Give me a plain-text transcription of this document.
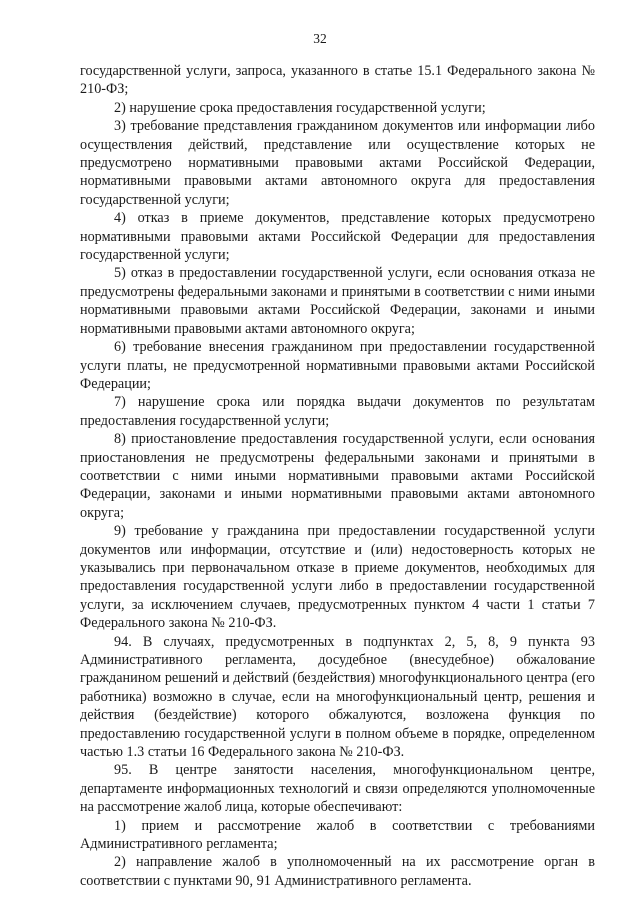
32

государственной услуги, запроса, указанного в статье 15.1 Федерального закона № 210-ФЗ;

2) нарушение срока предоставления государственной услуги;

3) требование представления гражданином документов или информации либо осуществления действий, представление или осуществление которых не предусмотрено нормативными правовыми актами Российской Федерации, нормативными правовыми актами автономного округа для предоставления государственной услуги;

4) отказ в приеме документов, представление которых предусмотрено нормативными правовыми актами Российской Федерации для предоставления государственной услуги;

5) отказ в предоставлении государственной услуги, если основания отказа не предусмотрены федеральными законами и принятыми в соответствии с ними иными нормативными правовыми актами Российской Федерации, законами и иными нормативными правовыми актами автономного округа;

6) требование внесения гражданином при предоставлении государственной услуги платы, не предусмотренной нормативными правовыми актами Российской Федерации;

7) нарушение срока или порядка выдачи документов по результатам предоставления государственной услуги;

8) приостановление предоставления государственной услуги, если основания приостановления не предусмотрены федеральными законами и принятыми в соответствии с ними иными нормативными правовыми актами Российской Федерации, законами и иными нормативными правовыми актами автономного округа;

9) требование у гражданина при предоставлении государственной услуги документов или информации, отсутствие и (или) недостоверность которых не указывались при первоначальном отказе в приеме документов, необходимых для предоставления государственной услуги либо в предоставлении государственной услуги, за исключением случаев, предусмотренных пунктом 4 части 1 статьи 7 Федерального закона № 210-ФЗ.

94. В случаях, предусмотренных в подпунктах 2, 5, 8, 9 пункта 93 Административного регламента, досудебное (внесудебное) обжалование гражданином решений и действий (бездействия) многофункционального центра (его работника) возможно в случае, если на многофункциональный центр, решения и действия (бездействие) которого обжалуются, возложена функция по предоставлению государственной услуги в полном объеме в порядке, определенном частью 1.3 статьи 16 Федерального закона № 210-ФЗ.

95. В центре занятости населения, многофункциональном центре, департаменте информационных технологий и связи определяются уполномоченные на рассмотрение жалоб лица, которые обеспечивают:

1) прием и рассмотрение жалоб в соответствии с требованиями Административного регламента;

2) направление жалоб в уполномоченный на их рассмотрение орган в соответствии с пунктами 90, 91 Административного регламента.
